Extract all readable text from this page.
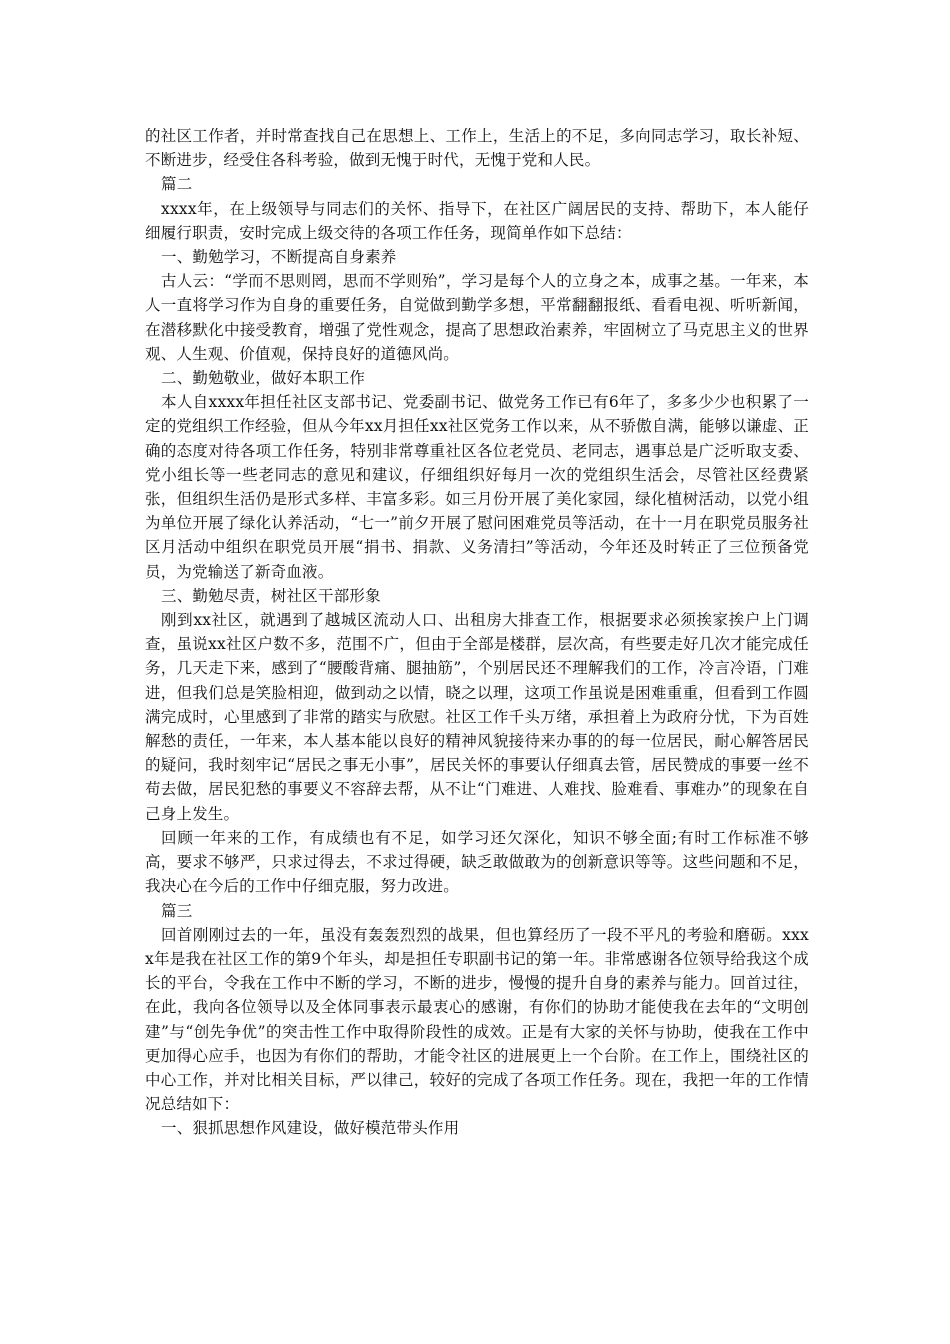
的社区工作者，并时常查找自己在思想上、工作上，生活上的不足，多向同志学习，取长补短、不断进步，经受住各科考验，做到无愧于时代，无愧于党和人民。

篇二

xxxx年，在上级领导与同志们的关怀、指导下，在社区广阔居民的支持、帮助下，本人能仔细履行职责，安时完成上级交待的各项工作任务，现简单作如下总结：

一、勤勉学习，不断提高自身素养

古人云：“学而不思则罔，思而不学则殆”，学习是每个人的立身之本，成事之基。一年来，本人一直将学习作为自身的重要任务，自觉做到勤学多想，平常翻翻报纸、看看电视、听听新闻，在潜移默化中接受教育，增强了党性观念，提高了思想政治素养，牢固树立了马克思主义的世界观、人生观、价值观，保持良好的道德风尚。

二、勤勉敬业，做好本职工作

本人自xxxx年担任社区支部书记、党委副书记、做党务工作已有6年了，多多少少也积累了一定的党组织工作经验，但从今年xx月担任xx社区党务工作以来，从不骄傲自满，能够以谦虚、正确的态度对待各项工作任务，特别非常尊重社区各位老党员、老同志，遇事总是广泛听取支委、党小组长等一些老同志的意见和建议，仔细组织好每月一次的党组织生活会，尽管社区经费紧张，但组织生活仍是形式多样、丰富多彩。如三月份开展了美化家园，绿化植树活动，以党小组为单位开展了绿化认养活动，“七一”前夕开展了慰问困难党员等活动，在十一月在职党员服务社区月活动中组织在职党员开展“捐书、捐款、义务清扫”等活动，今年还及时转正了三位预备党员，为党输送了新奇血液。

三、勤勉尽责，树社区干部形象

刚到xx社区，就遇到了越城区流动人口、出租房大排查工作，根据要求必须挨家挨户上门调查，虽说xx社区户数不多，范围不广，但由于全部是楼群，层次高，有些要走好几次才能完成任务，几天走下来，感到了“腰酸背痛、腿抽筋”，个别居民还不理解我们的工作，冷言冷语，门难进，但我们总是笑脸相迎，做到动之以情，晓之以理，这项工作虽说是困难重重，但看到工作圆满完成时，心里感到了非常的踏实与欣慰。社区工作千头万绪，承担着上为政府分忧，下为百姓解愁的责任，一年来，本人基本能以良好的精神风貌接待来办事的的每一位居民，耐心解答居民的疑问，我时刻牢记“居民之事无小事”，居民关怀的事要认仔细真去管，居民赞成的事要一丝不苟去做，居民犯愁的事要义不容辞去帮，从不让“门难进、人难找、脸难看、事难办”的现象在自己身上发生。

回顾一年来的工作，有成绩也有不足，如学习还欠深化，知识不够全面;有时工作标准不够高，要求不够严，只求过得去，不求过得硬，缺乏敢做敢为的创新意识等等。这些问题和不足，我决心在今后的工作中仔细克服，努力改进。

篇三

回首刚刚过去的一年，虽没有轰轰烈烈的战果，但也算经历了一段不平凡的考验和磨砺。xxxx年是我在社区工作的第9个年头，却是担任专职副书记的第一年。非常感谢各位领导给我这个成长的平台，令我在工作中不断的学习，不断的进步，慢慢的提升自身的素养与能力。回首过往，在此，我向各位领导以及全体同事表示最衷心的感谢，有你们的协助才能使我在去年的“文明创建”与“创先争优”的突击性工作中取得阶段性的成效。正是有大家的关怀与协助，使我在工作中更加得心应手，也因为有你们的帮助，才能令社区的进展更上一个台阶。在工作上，围绕社区的中心工作，并对比相关目标，严以律己，较好的完成了各项工作任务。现在，我把一年的工作情况总结如下：

一、狠抓思想作风建设，做好模范带头作用
